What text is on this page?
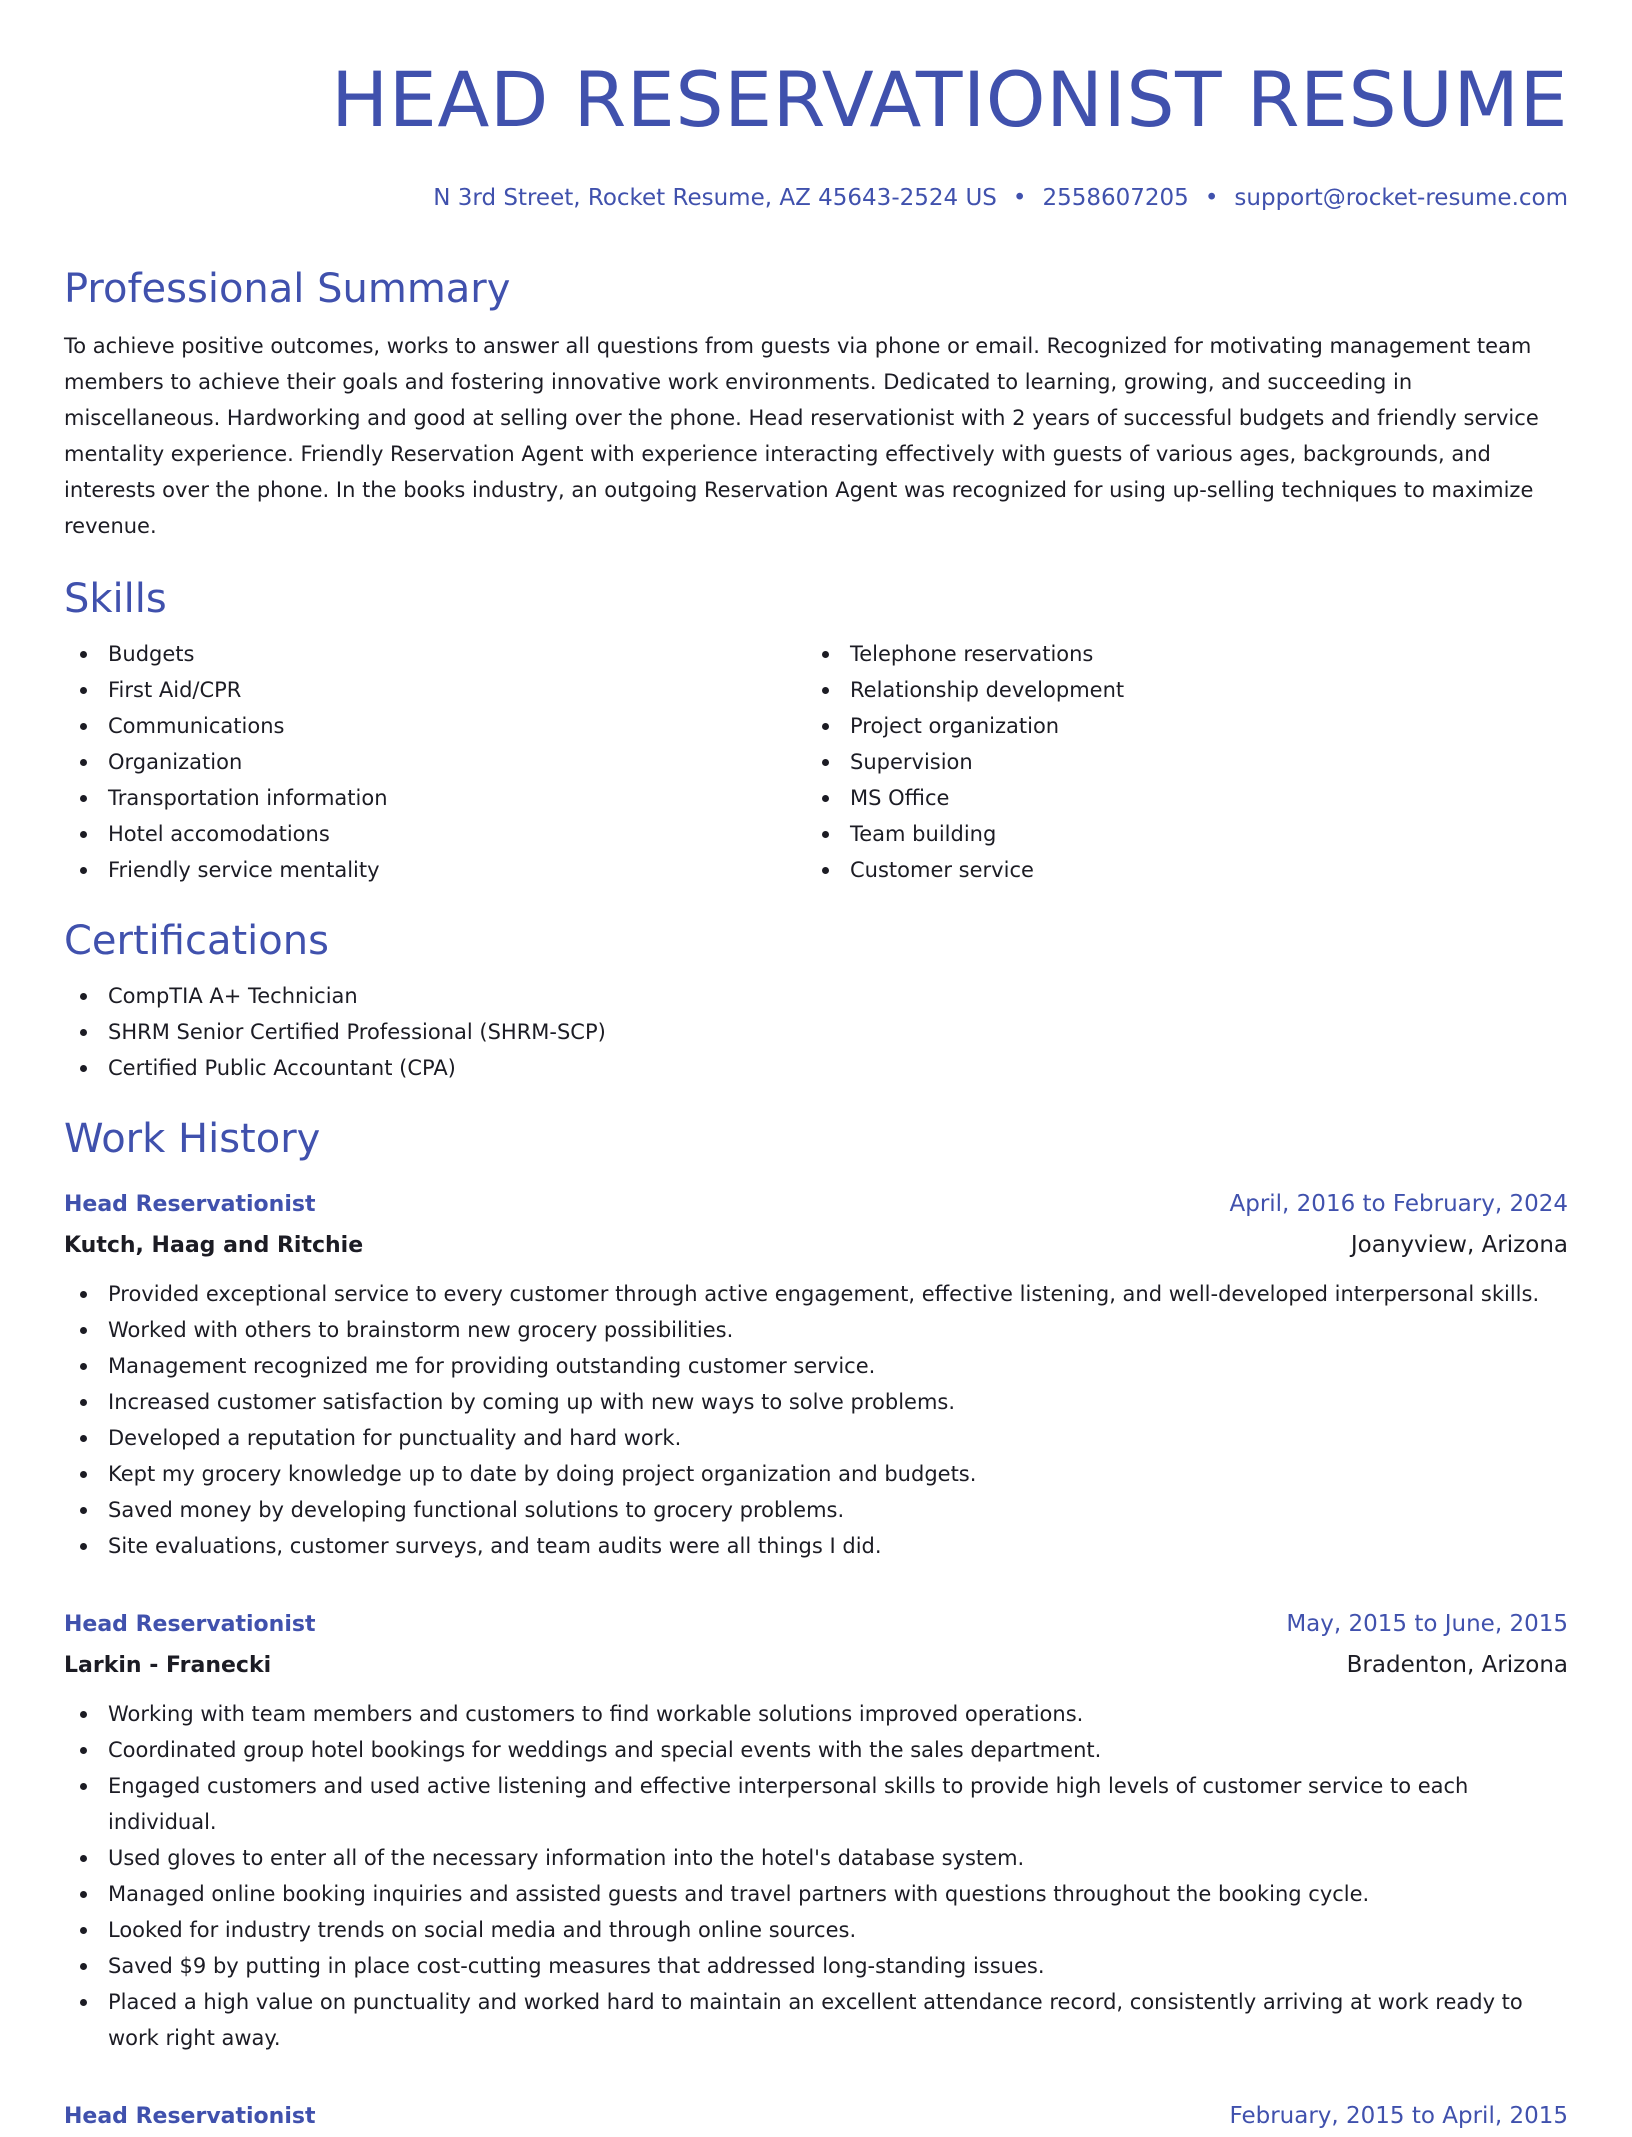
HEAD RESERVATIONIST RESUME
N 3rd Street, Rocket Resume, AZ 45643-2524 US • 2558607205 • support@rocket-resume.com
Professional Summary

To achieve positive outcomes, works to answer all questions from guests via phone or email. Recognized for motivating management team members to achieve their goals and fostering innovative work environments. Dedicated to learning, growing, and succeeding in miscellaneous. Hardworking and good at selling over the phone. Head reservationist with 2 years of successful budgets and friendly service mentality experience. Friendly Reservation Agent with experience interacting effectively with guests of various ages, backgrounds, and interests over the phone. In the books industry, an outgoing Reservation Agent was recognized for using up-selling techniques to maximize revenue.

Skills
Budgets
First Aid/CPR
Communications
Organization
Transportation information
Hotel accomodations
Friendly service mentality
Telephone reservations
Relationship development
Project organization
Supervision
MS Office
Team building
Customer service
Certifications
CompTIA A+ Technician
SHRM Senior Certified Professional (SHRM-SCP)
Certified Public Accountant (CPA)
Work History
Head Reservationist	April, 2016 to February, 2024
Kutch, Haag and Ritchie	Joanyview, Arizona
Provided exceptional service to every customer through active engagement, effective listening, and well-developed interpersonal skills.
Worked with others to brainstorm new grocery possibilities.
Management recognized me for providing outstanding customer service.
Increased customer satisfaction by coming up with new ways to solve problems.
Developed a reputation for punctuality and hard work.
Kept my grocery knowledge up to date by doing project organization and budgets.
Saved money by developing functional solutions to grocery problems.
Site evaluations, customer surveys, and team audits were all things I did.
Head Reservationist	May, 2015 to June, 2015
Larkin - Franecki	Bradenton, Arizona
Working with team members and customers to find workable solutions improved operations.
Coordinated group hotel bookings for weddings and special events with the sales department.
Engaged customers and used active listening and effective interpersonal skills to provide high levels of customer service to each individual.
Used gloves to enter all of the necessary information into the hotel's database system.
Managed online booking inquiries and assisted guests and travel partners with questions throughout the booking cycle.
Looked for industry trends on social media and through online sources.
Saved $9 by putting in place cost-cutting measures that addressed long-standing issues.
Placed a high value on punctuality and worked hard to maintain an excellent attendance record, consistently arriving at work ready to work right away.
Head Reservationist	February, 2015 to April, 2015
